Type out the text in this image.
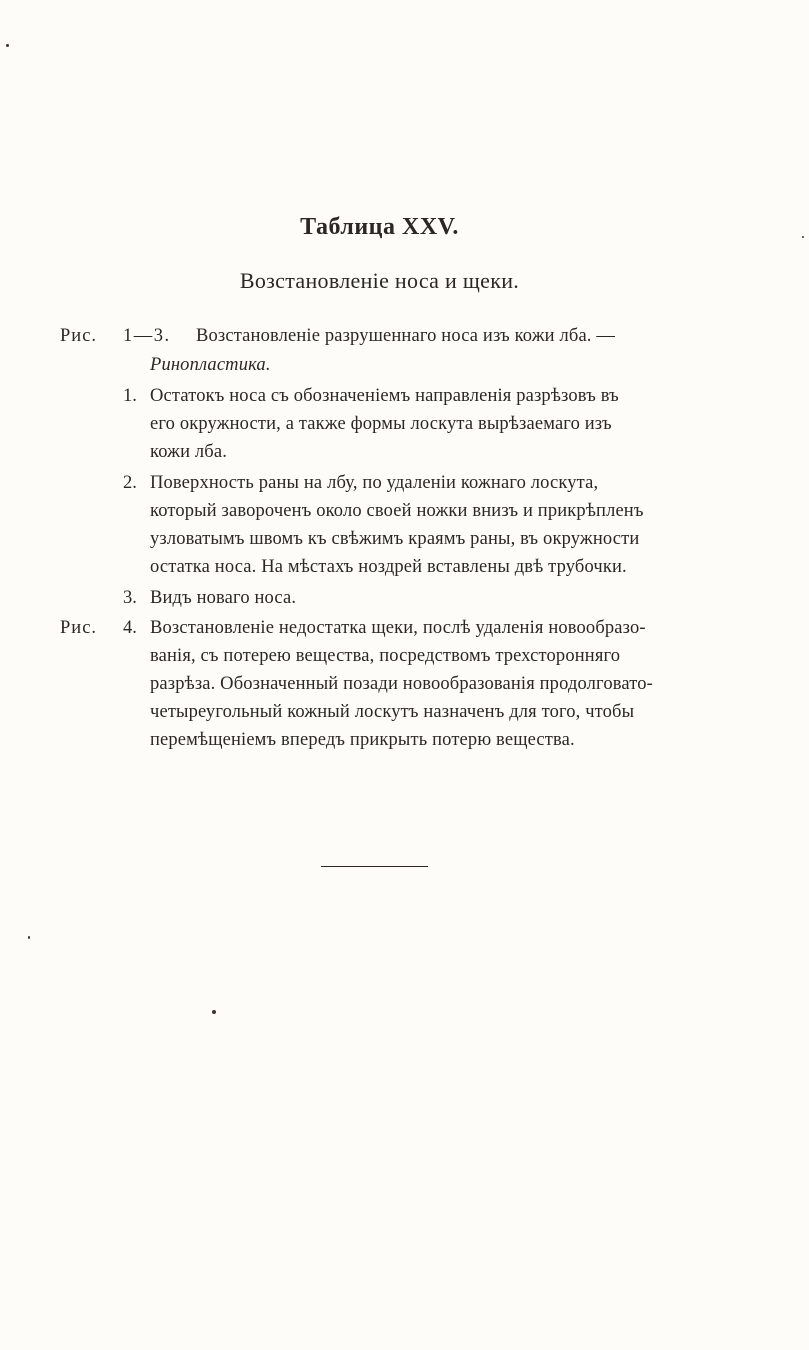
Таблица XXV.
Возстановленіе носа и щеки.
Рис. 1—3. Возстановленіе разрушеннаго носа изъ кожи лба. —
Ринопластика.
1. Остатокъ носа съ обозначеніемъ направленія разрѣзовъ въ
его окружности, а также формы лоскута вырѣзаемаго изъ
кожи лба.
2. Поверхность раны на лбу, по удаленіи кожнаго лоскута,
который завороченъ около своей ножки внизъ и прикрѣпленъ
узловатымъ швомъ къ свѣжимъ краямъ раны, въ окружности
остатка носа. На мѣстахъ ноздрей вставлены двѣ трубочки.
3. Видъ новаго носа.
Рис. 4. Возстановленіе недостатка щеки, послѣ удаленія новообразо-
ванія, съ потерею вещества, посредствомъ трехсторонняго
разрѣза. Обозначенный позади новообразованія продолговато-
четыреугольный кожный лоскутъ назначенъ для того, чтобы
перемѣщеніемъ впередъ прикрыть потерю вещества.
